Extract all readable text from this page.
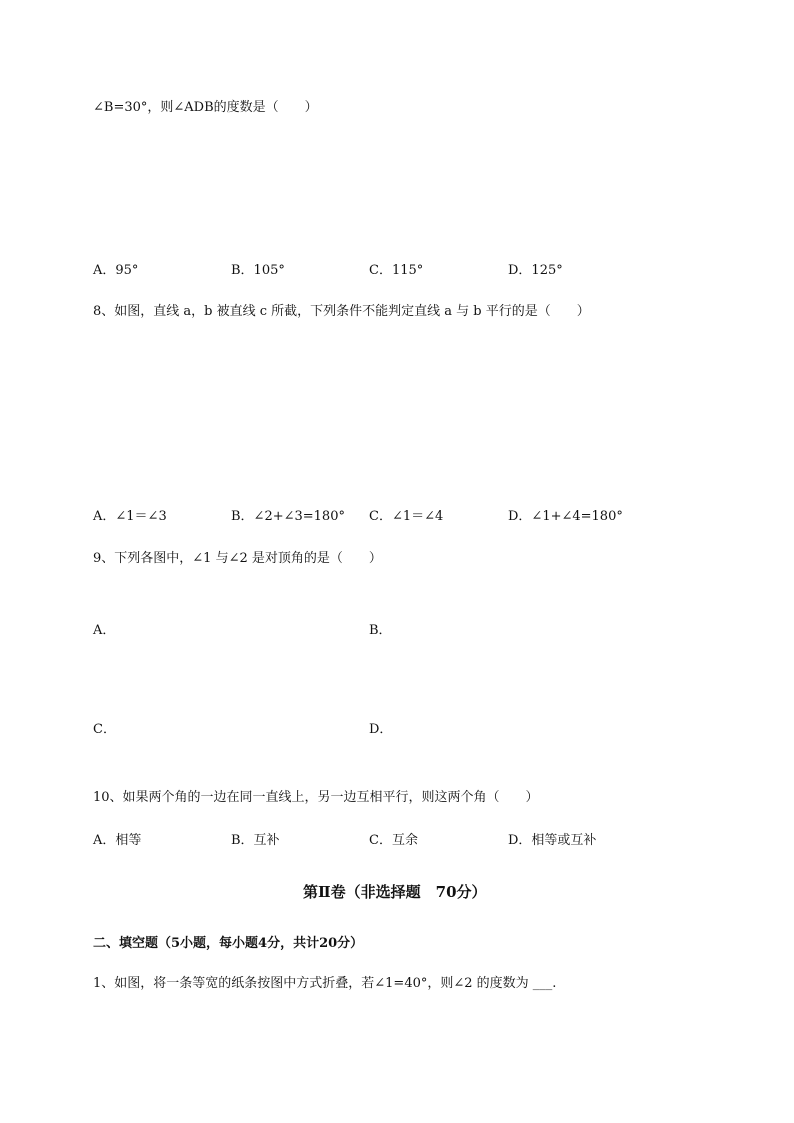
∠B=30°，则∠ADB的度数是（　　）
F
E
C
D
A	B
A．95°	B．105°	C．115°	D．125°
8、如图，直线 a，b 被直线 c 所截，下列条件不能判定直线 a 与 b 平行的是（　　）
c
a
b
1
2
3
4
A．∠1＝∠3	B．∠2+∠3=180° C．∠1＝∠4	D．∠1+∠4=180°
9、下列各图中，∠1 与∠2 是对顶角的是（　　）
A．	B．
C．	D．
1	2
2
1
1
2
1
2
10、如果两个角的一边在同一直线上，另一边互相平行，则这两个角（　　）
A．相等	B．互补	C．互余	D．相等或互补
第Ⅱ卷（非选择题　70分）
二、填空题（5小题，每小题4分，共计20分）
1、如图，将一条等宽的纸条按图中方式折叠，若∠1=40°，则∠2 的度数为 ___.
